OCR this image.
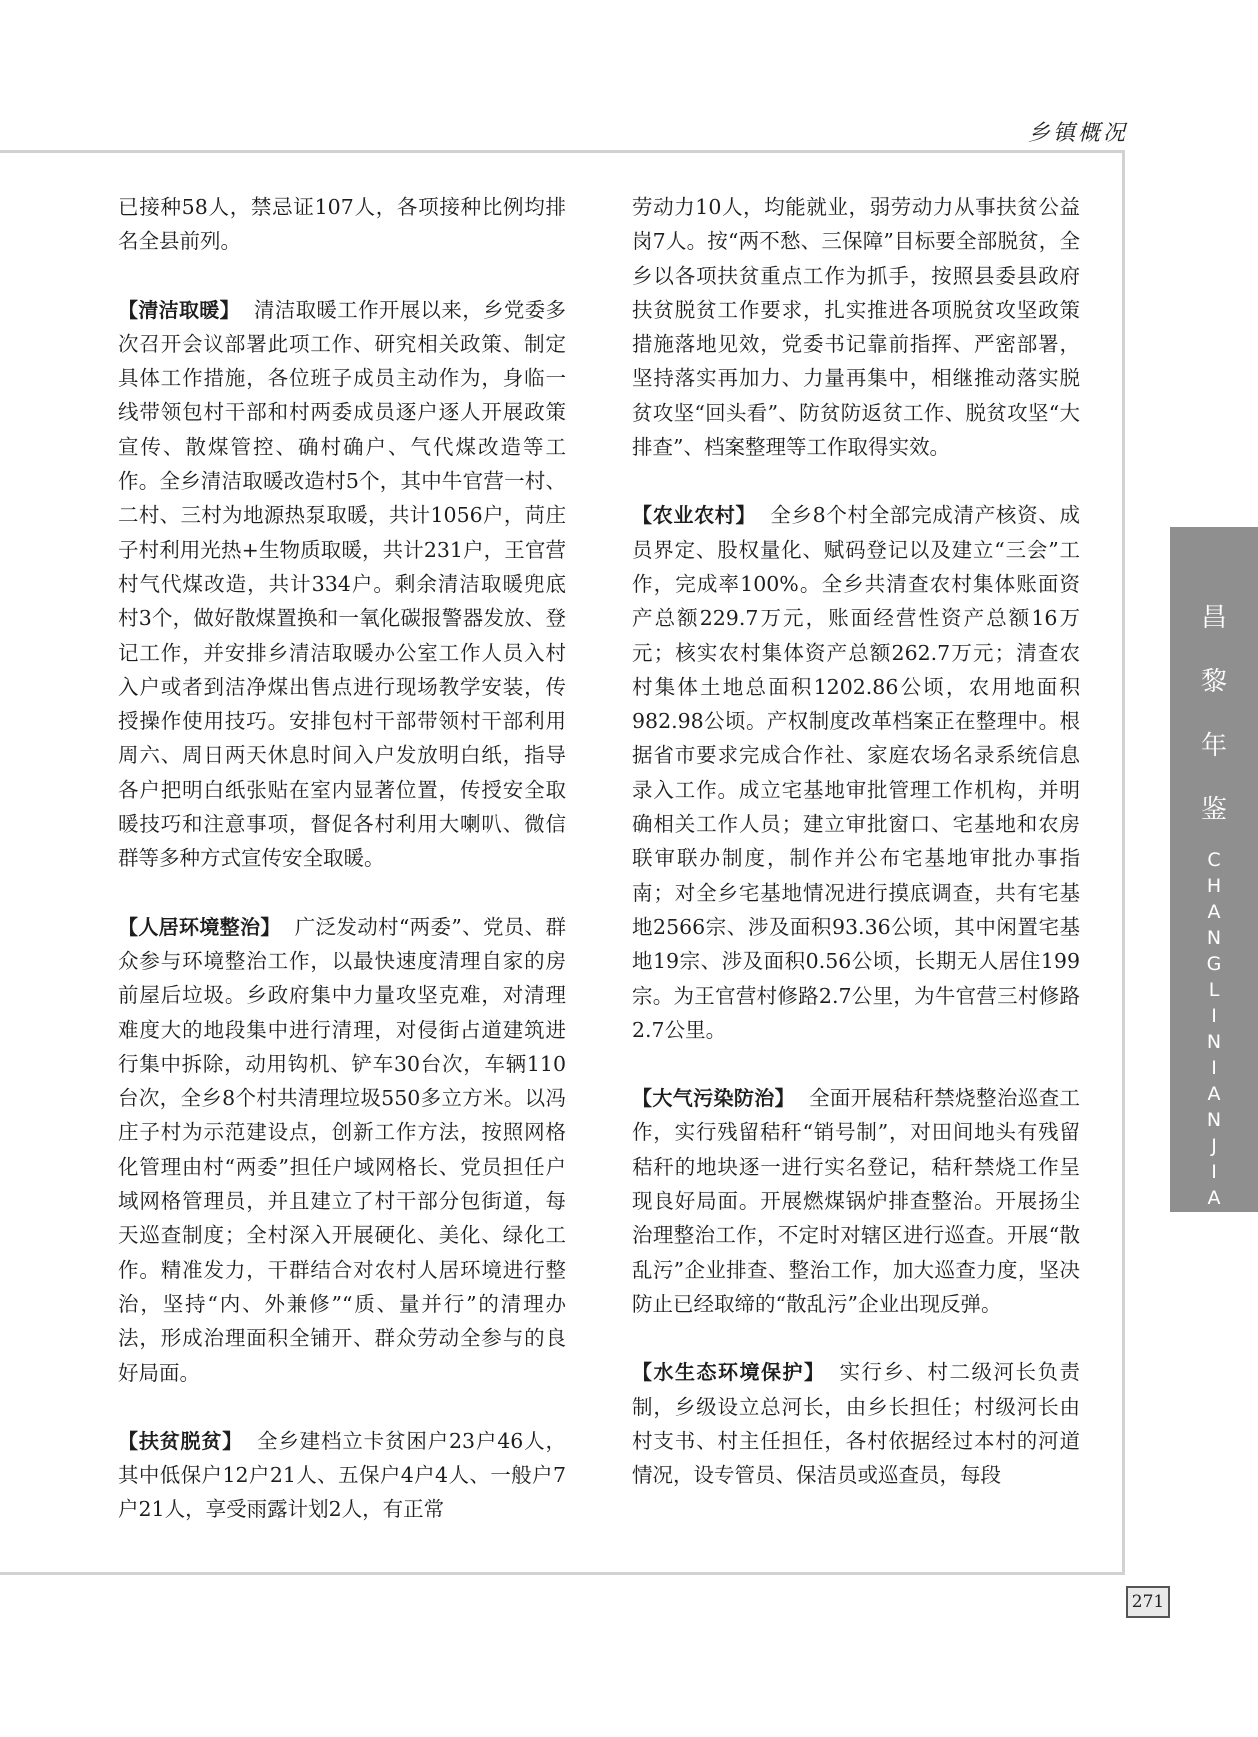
乡镇概况

已接种58人，禁忌证107人，各项接种比例均排名全县前列。

【清洁取暖】 清洁取暖工作开展以来，乡党委多次召开会议部署此项工作、研究相关政策、制定具体工作措施，各位班子成员主动作为，身临一线带领包村干部和村两委成员逐户逐人开展政策宣传、散煤管控、确村确户、气代煤改造等工作。全乡清洁取暖改造村5个，其中牛官营一村、二村、三村为地源热泵取暖，共计1056户，苘庄子村利用光热+生物质取暖，共计231户，王官营村气代煤改造，共计334户。剩余清洁取暖兜底村3个，做好散煤置换和一氧化碳报警器发放、登记工作，并安排乡清洁取暖办公室工作人员入村入户或者到洁净煤出售点进行现场教学安装，传授操作使用技巧。安排包村干部带领村干部利用周六、周日两天休息时间入户发放明白纸，指导各户把明白纸张贴在室内显著位置，传授安全取暖技巧和注意事项，督促各村利用大喇叭、微信群等多种方式宣传安全取暖。

【人居环境整治】 广泛发动村“两委”、党员、群众参与环境整治工作，以最快速度清理自家的房前屋后垃圾。乡政府集中力量攻坚克难，对清理难度大的地段集中进行清理，对侵街占道建筑进行集中拆除，动用钩机、铲车30台次，车辆110台次，全乡8个村共清理垃圾550多立方米。以冯庄子村为示范建设点，创新工作方法，按照网格化管理由村“两委”担任户域网格长、党员担任户域网格管理员，并且建立了村干部分包街道，每天巡查制度；全村深入开展硬化、美化、绿化工作。精准发力，干群结合对农村人居环境进行整治，坚持“内、外兼修”“质、量并行”的清理办法，形成治理面积全铺开、群众劳动全参与的良好局面。

【扶贫脱贫】 全乡建档立卡贫困户23户46人，其中低保户12户21人、五保户4户4人、一般户7户21人，享受雨露计划2人，有正常

劳动力10人，均能就业，弱劳动力从事扶贫公益岗7人。按“两不愁、三保障”目标要全部脱贫，全乡以各项扶贫重点工作为抓手，按照县委县政府扶贫脱贫工作要求，扎实推进各项脱贫攻坚政策措施落地见效，党委书记靠前指挥、严密部署，坚持落实再加力、力量再集中，相继推动落实脱贫攻坚“回头看”、防贫防返贫工作、脱贫攻坚“大排查”、档案整理等工作取得实效。

【农业农村】 全乡8个村全部完成清产核资、成员界定、股权量化、赋码登记以及建立“三会”工作，完成率100%。全乡共清查农村集体账面资产总额229.7万元，账面经营性资产总额16万元；核实农村集体资产总额262.7万元；清查农村集体土地总面积1202.86公顷，农用地面积982.98公顷。产权制度改革档案正在整理中。根据省市要求完成合作社、家庭农场名录系统信息录入工作。成立宅基地审批管理工作机构，并明确相关工作人员；建立审批窗口、宅基地和农房联审联办制度，制作并公布宅基地审批办事指南；对全乡宅基地情况进行摸底调查，共有宅基地2566宗、涉及面积93.36公顷，其中闲置宅基地19宗、涉及面积0.56公顷，长期无人居住199宗。为王官营村修路2.7公里，为牛官营三村修路2.7公里。

【大气污染防治】 全面开展秸秆禁烧整治巡查工作，实行残留秸秆“销号制”，对田间地头有残留秸秆的地块逐一进行实名登记，秸秆禁烧工作呈现良好局面。开展燃煤锅炉排查整治。开展扬尘治理整治工作，不定时对辖区进行巡查。开展“散乱污”企业排查、整治工作，加大巡查力度，坚决防止已经取缔的“散乱污”企业出现反弹。

【水生态环境保护】 实行乡、村二级河长负责制，乡级设立总河长，由乡长担任；村级河长由村支书、村主任担任，各村依据经过本村的河道情况，设专管员、保洁员或巡查员，每段

昌
黎
年
鉴
C
H
A
N
G
L
I
N
I
A
N
J
I
A
N
271
